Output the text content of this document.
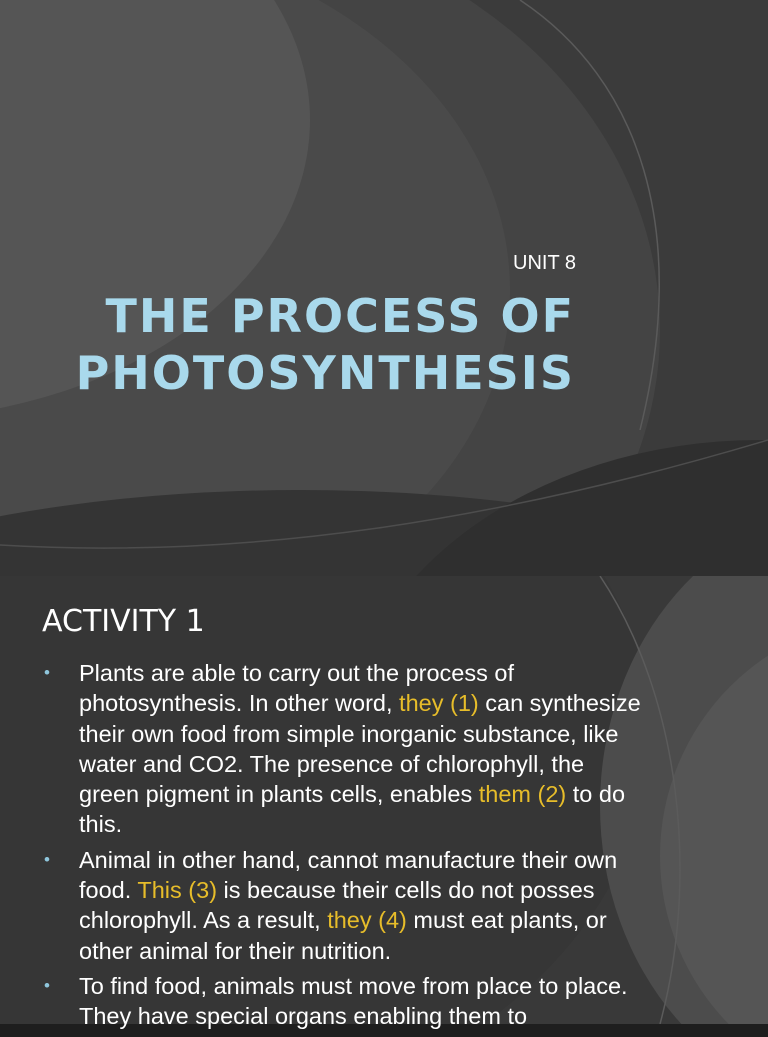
UNIT 8
THE PROCESS OF
PHOTOSYNTHESIS
ACTIVITY 1
• Plants are able to carry out the process of photosynthesis. In other word, they (1) can synthesize their own food from simple inorganic substance, like water and CO2. The presence of chlorophyll, the green pigment in plants cells, enables them (2) to do this.
• Animal in other hand, cannot manufacture their own food. This (3) is because their cells do not posses chlorophyll. As a result, they (4) must eat plants, or other animal for their nutrition.
• To find food, animals must move from place to place. They have special organs enabling them to
